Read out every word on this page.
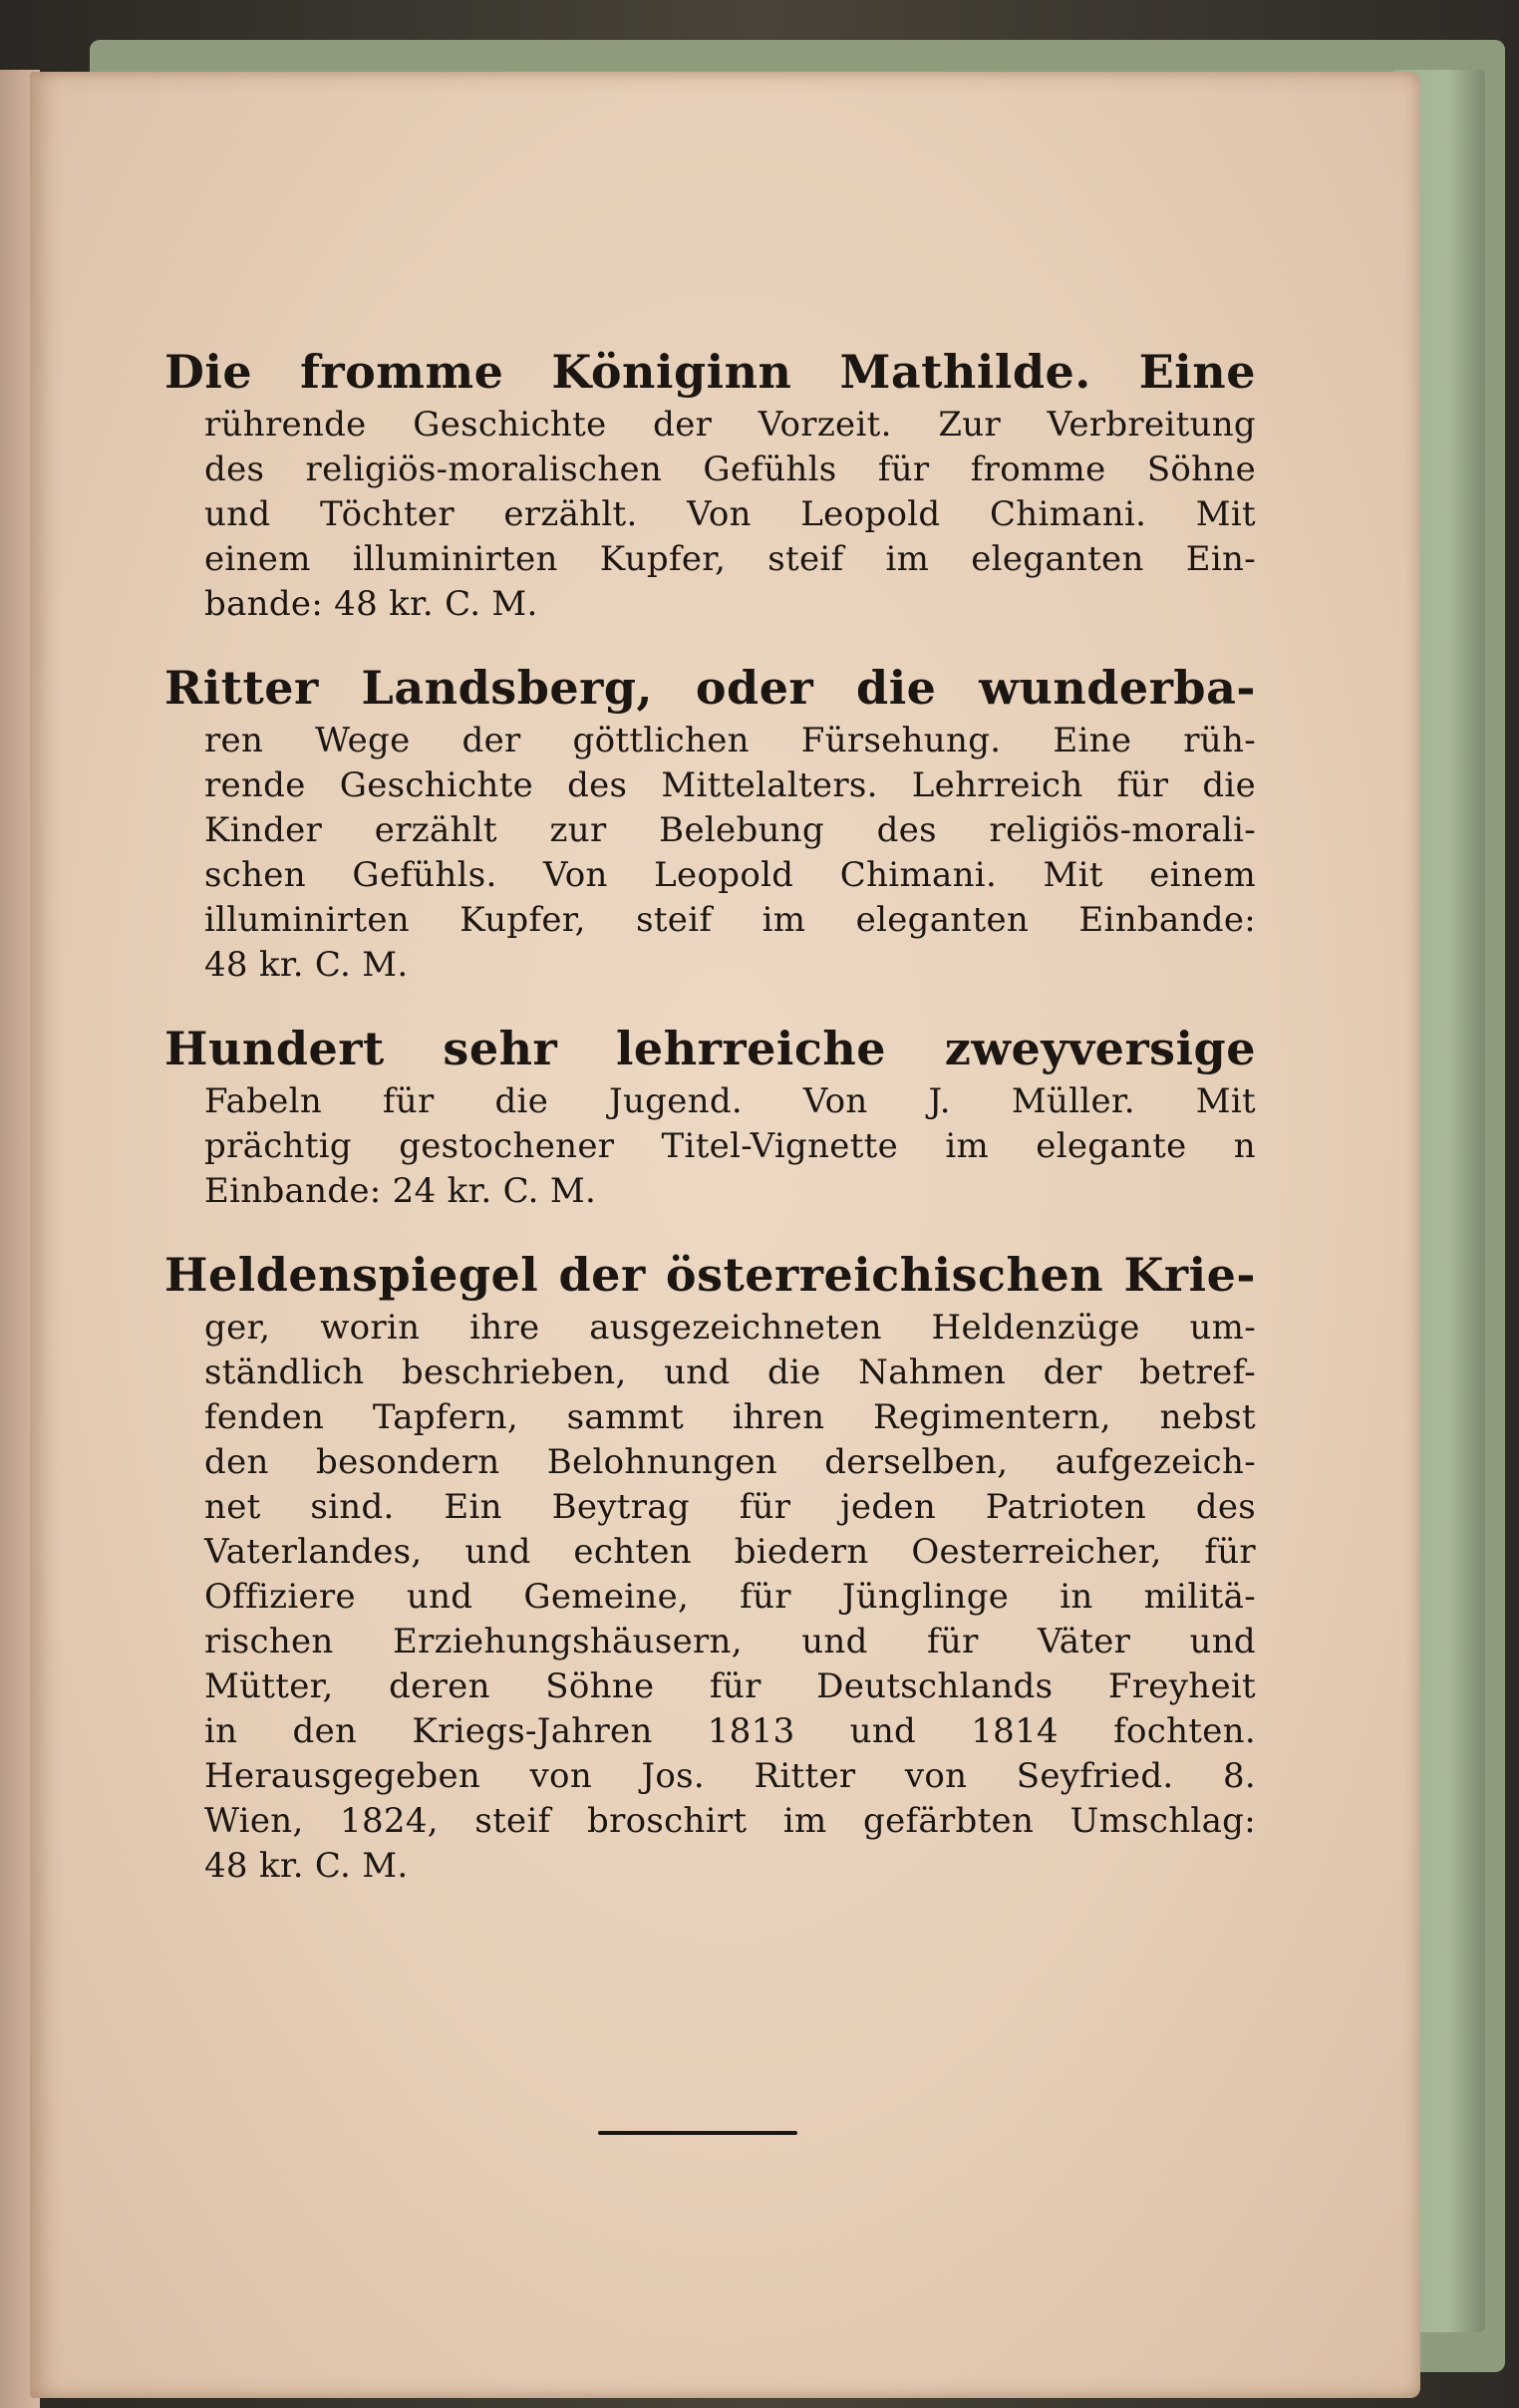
Die fromme Königinn Mathilde. Eine
rührende Geschichte der Vorzeit. Zur Verbreitung
des religiös-moralischen Gefühls für fromme Söhne
und Töchter erzählt. Von Leopold Chimani. Mit
einem illuminirten Kupfer, steif im eleganten Ein-
bande: 48 kr. C. M.
Ritter Landsberg, oder die wunderba-
ren Wege der göttlichen Fürsehung. Eine rüh-
rende Geschichte des Mittelalters. Lehrreich für die
Kinder erzählt zur Belebung des religiös-morali-
schen Gefühls. Von Leopold Chimani. Mit einem
illuminirten Kupfer, steif im eleganten Einbande:
48 kr. C. M.
Hundert sehr lehrreiche zweyversige
Fabeln für die Jugend. Von J. Müller. Mit
prächtig gestochener Titel-Vignette im elegante n
Einbande: 24 kr. C. M.
Heldenspiegel der österreichischen Krie-
ger, worin ihre ausgezeichneten Heldenzüge um-
ständlich beschrieben, und die Nahmen der betref-
fenden Tapfern, sammt ihren Regimentern, nebst
den besondern Belohnungen derselben, aufgezeich-
net sind. Ein Beytrag für jeden Patrioten des
Vaterlandes, und echten biedern Oesterreicher, für
Offiziere und Gemeine, für Jünglinge in militä-
rischen Erziehungshäusern, und für Väter und
Mütter, deren Söhne für Deutschlands Freyheit
in den Kriegs-Jahren 1813 und 1814 fochten.
Herausgegeben von Jos. Ritter von Seyfried. 8.
Wien, 1824, steif broschirt im gefärbten Umschlag:
48 kr. C. M.
